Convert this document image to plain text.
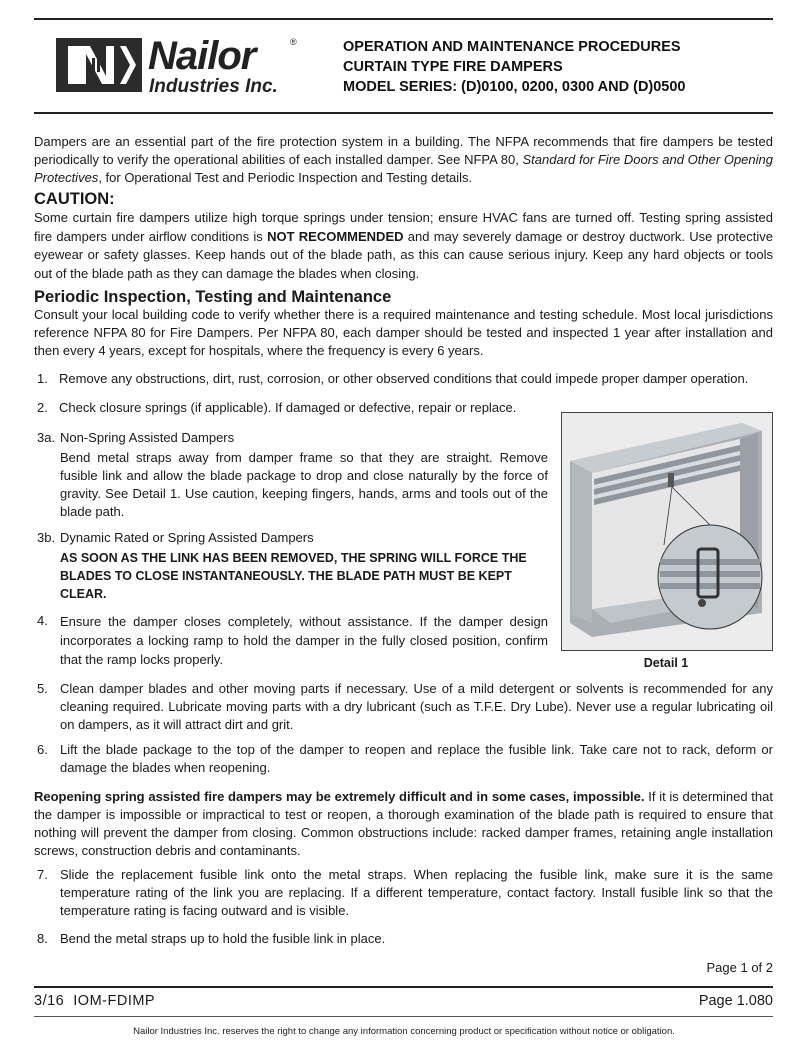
Nailor	®
Industries Inc.
OPERATION AND MAINTENANCE PROCEDURES
CURTAIN TYPE FIRE DAMPERS
MODEL SERIES: (D)0100, 0200, 0300 AND (D)0500
Dampers are an essential part of the fire protection system in a building. The NFPA recommends that fire dampers be tested periodically to verify the operational abilities of each installed damper. See NFPA 80, Standard for Fire Doors and Other Opening Protectives, for Operational Test and Periodic Inspection and Testing details.
CAUTION:
Some curtain fire dampers utilize high torque springs under tension; ensure HVAC fans are turned off. Testing spring assisted fire dampers under airflow conditions is NOT RECOMMENDED and may severely damage or destroy ductwork. Use protective eyewear or safety glasses. Keep hands out of the blade path, as this can cause serious injury. Keep any hard objects or tools out of the blade path as they can damage the blades when closing.
Periodic Inspection, Testing and Maintenance
Consult your local building code to verify whether there is a required maintenance and testing schedule. Most local jurisdictions reference NFPA 80 for Fire Dampers. Per NFPA 80, each damper should be tested and inspected 1 year after installation and then every 4 years, except for hospitals, where the frequency is every 6 years.
1. Remove any obstructions, dirt, rust, corrosion, or other observed conditions that could impede proper damper operation.
2. Check closure springs (if applicable). If damaged or defective, repair or replace.
3a. Non-Spring Assisted Dampers
Bend metal straps away from damper frame so that they are straight. Remove fusible link and allow the blade package to drop and close naturally by the force of gravity. See Detail 1. Use caution, keeping fingers, hands, arms and tools out of the blade path.
3b. Dynamic Rated or Spring Assisted Dampers
AS SOON AS THE LINK HAS BEEN REMOVED, THE SPRING WILL FORCE THE BLADES TO CLOSE INSTANTANEOUSLY. THE BLADE PATH MUST BE KEPT CLEAR.
4. Ensure the damper closes completely, without assistance. If the damper design incorporates a locking ramp to hold the damper in the fully closed position, confirm that the ramp locks properly.	Detail 1
5. Clean damper blades and other moving parts if necessary. Use of a mild detergent or solvents is recommended for any cleaning required. Lubricate moving parts with a dry lubricant (such as T.F.E. Dry Lube). Never use a regular lubricating oil on dampers, as it will attract dirt and grit.
6. Lift the blade package to the top of the damper to reopen and replace the fusible link. Take care not to rack, deform or damage the blades when reopening.
Reopening spring assisted fire dampers may be extremely difficult and in some cases, impossible. If it is determined that the damper is impossible or impractical to test or reopen, a thorough examination of the blade path is required to ensure that nothing will prevent the damper from closing. Common obstructions include: racked damper frames, retaining angle installation screws, construction debris and contaminants.
7. Slide the replacement fusible link onto the metal straps. When replacing the fusible link, make sure it is the same temperature rating of the link you are replacing. If a different temperature, contact factory. Install fusible link so that the temperature rating is facing outward and is visible.
8. Bend the metal straps up to hold the fusible link in place.
Page 1 of 2
3/16  IOM-FDIMP	Page 1.080
Nailor Industries Inc. reserves the right to change any information concerning product or specification without notice or obligation.
